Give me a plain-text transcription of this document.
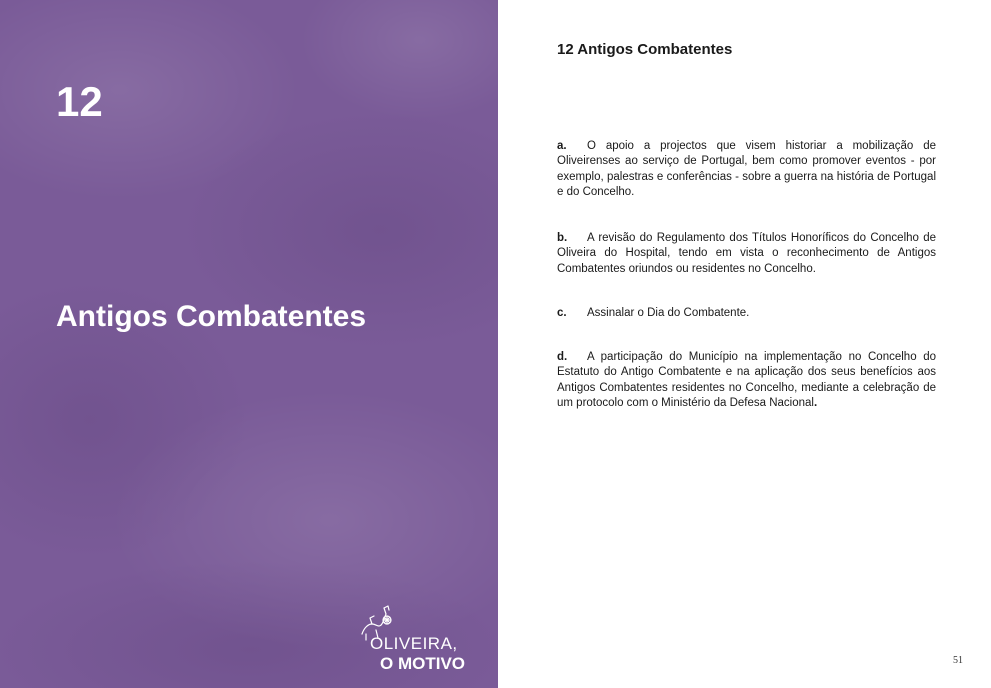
12
Antigos Combatentes
OLIVEIRA,
O MOTIVO
12 Antigos Combatentes

a. O apoio a projectos que visem historiar a mobilização de Oliveirenses ao serviço de Portugal, bem como promover eventos - por exemplo, palestras e conferências - sobre a guerra na história de Portugal e do Concelho.

b. A revisão do Regulamento dos Títulos Honoríficos do Concelho de Oliveira do Hospital, tendo em vista o reconhecimento de Antigos Combatentes oriundos ou residentes no Concelho.

c. Assinalar o Dia do Combatente.

d. A participação do Município na implementação no Concelho do Estatuto do Antigo Combatente e na aplicação dos seus benefícios aos Antigos Combatentes residentes no Concelho, mediante a celebração de um protocolo com o Ministério da Defesa Nacional.

51
